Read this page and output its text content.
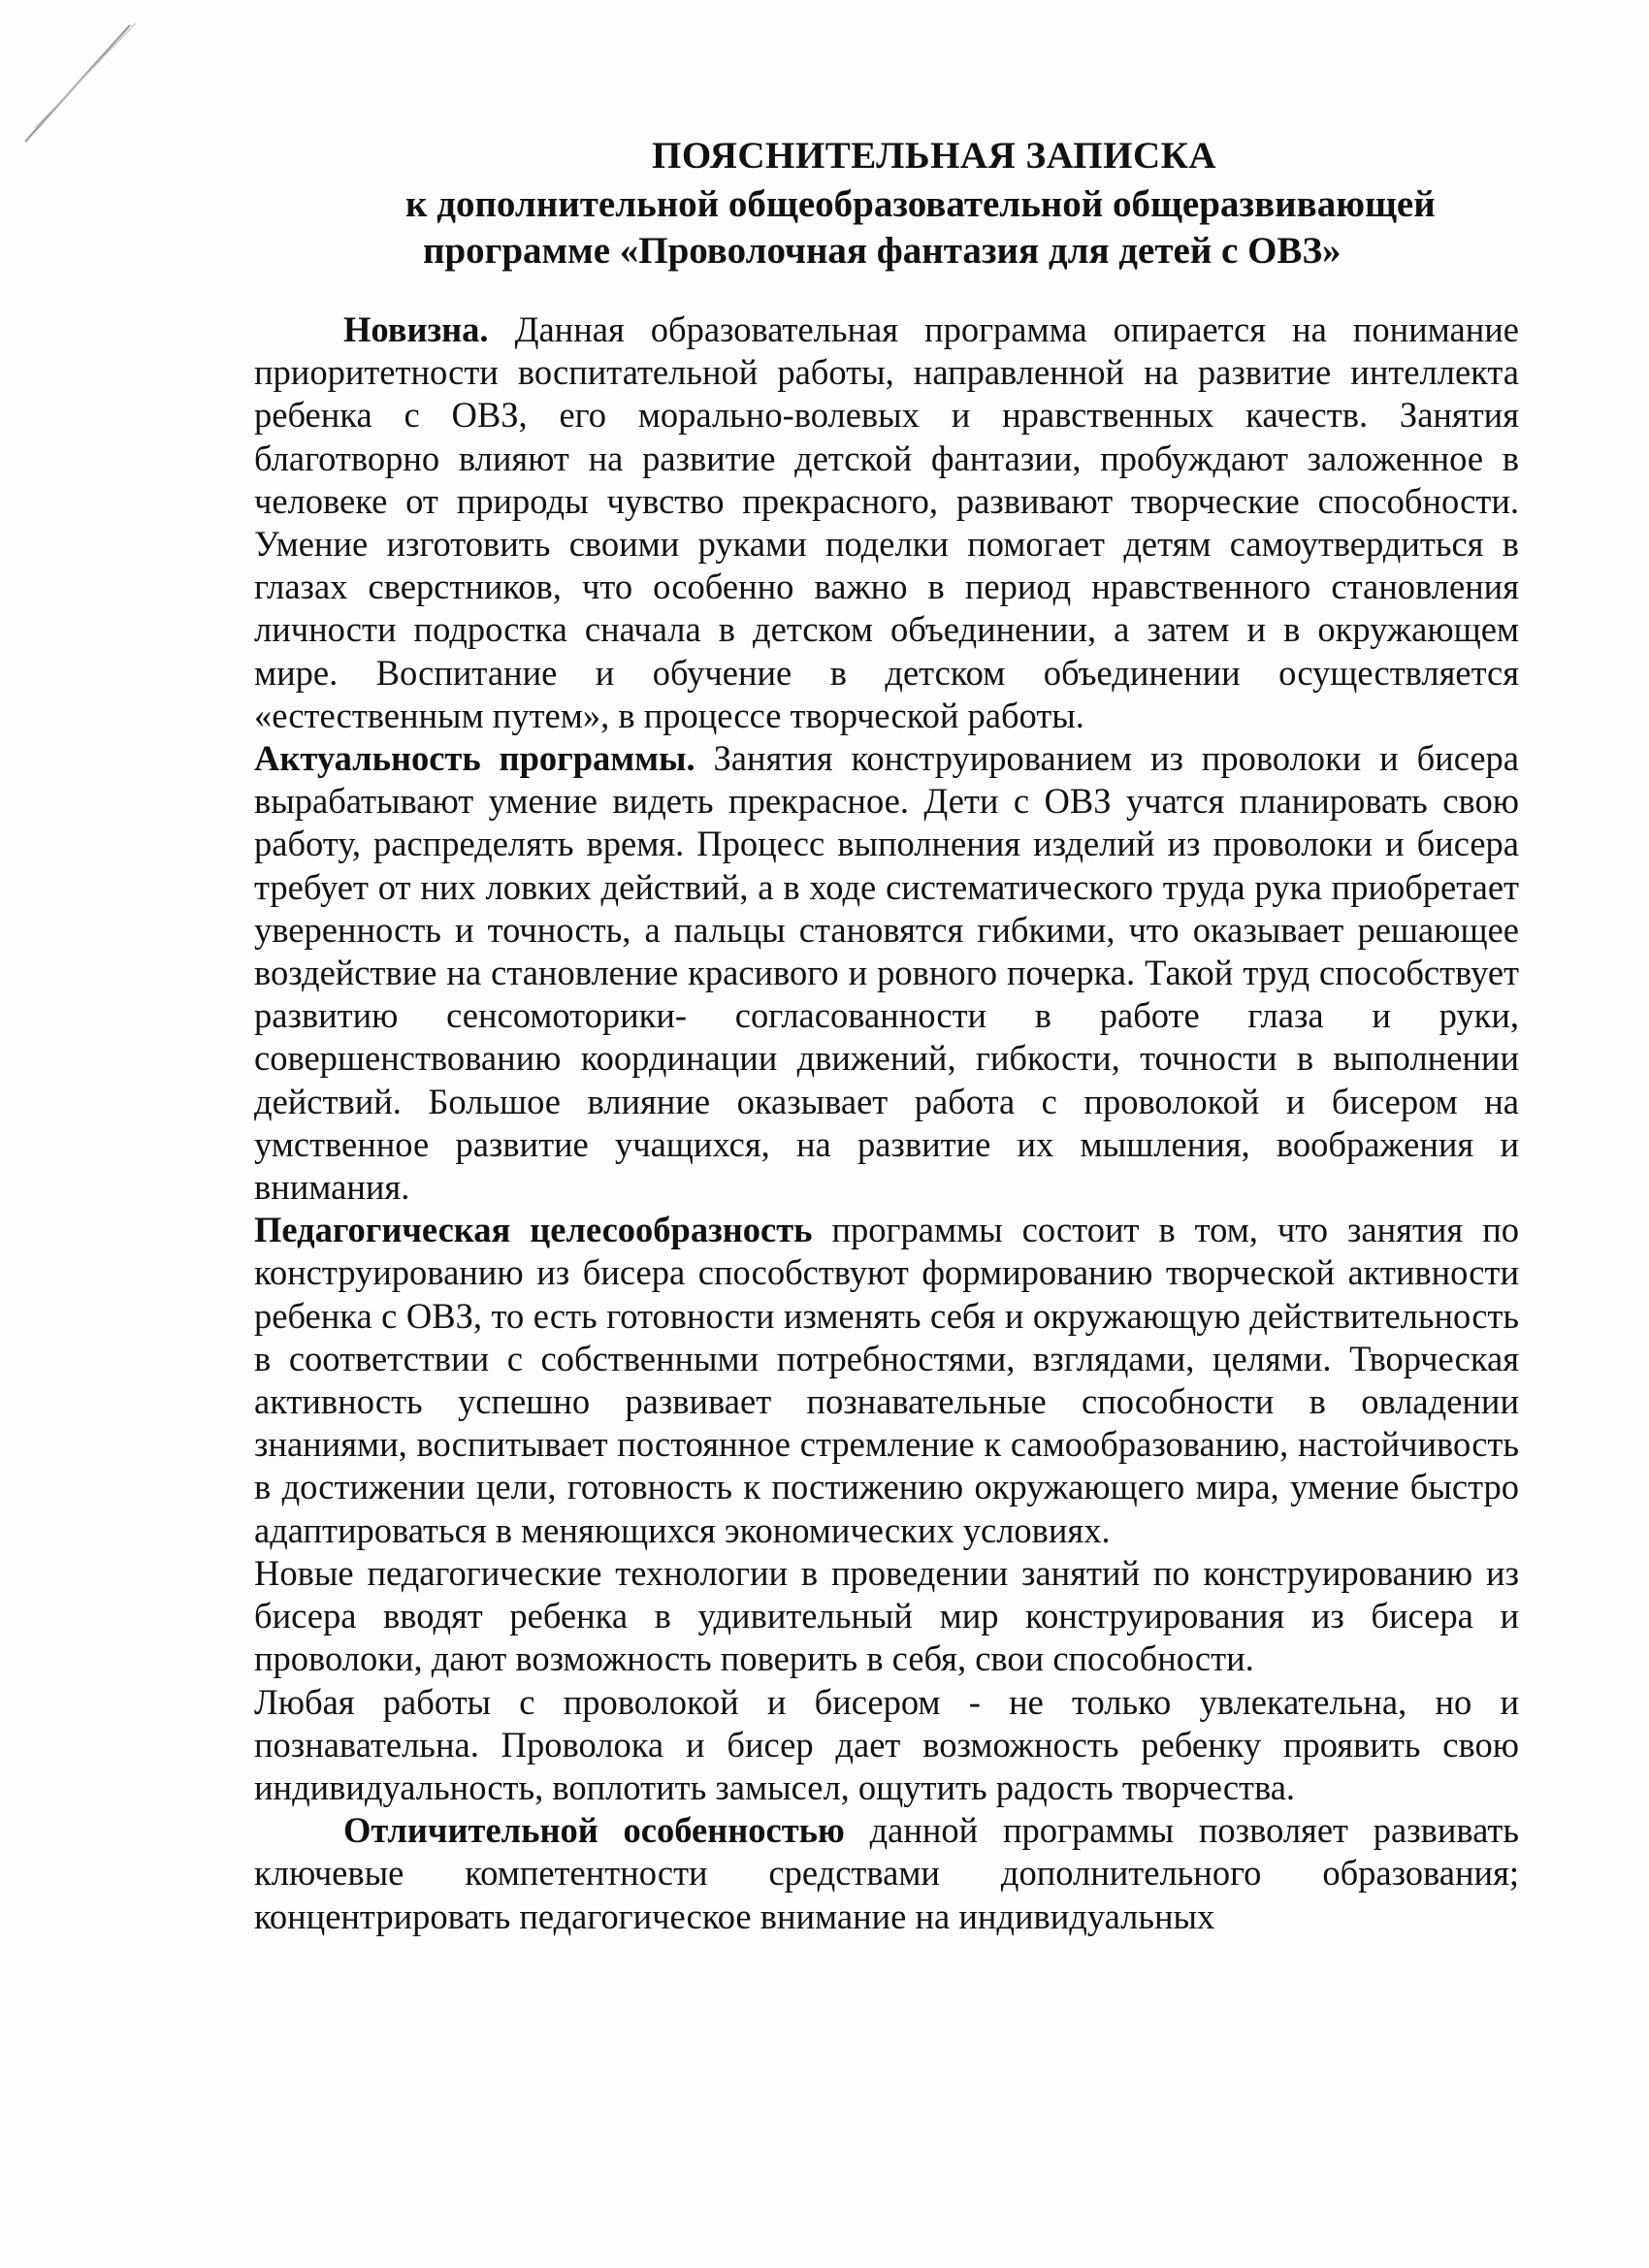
ПОЯСНИТЕЛЬНАЯ ЗАПИСКА
к дополнительной общеобразовательной общеразвивающей
программе «Проволочная фантазия для детей с ОВЗ»

Новизна. Данная образовательная программа опирается на понимание приоритетности воспитательной работы, направленной на развитие интеллекта ребенка с ОВЗ, его морально-волевых и нравственных качеств. Занятия благотворно влияют на развитие детской фантазии, пробуждают заложенное в человеке от природы чувство прекрасного, развивают творческие способности. Умение изготовить своими руками поделки помогает детям самоутвердиться в глазах сверстников, что особенно важно в период нравственного становления личности подростка сначала в детском объединении, а затем и в окружающем мире. Воспитание и обучение в детском объединении осуществляется «естественным путем», в процессе творческой работы.

Актуальность программы. Занятия конструированием из проволоки и бисера вырабатывают умение видеть прекрасное. Дети с ОВЗ учатся планировать свою работу, распределять время. Процесс выполнения изделий из проволоки и бисера требует от них ловких действий, а в ходе систематического труда рука приобретает уверенность и точность, а пальцы становятся гибкими, что оказывает решающее воздействие на становление красивого и ровного почерка. Такой труд способствует развитию сенсомоторики- согласованности в работе глаза и руки, совершенствованию координации движений, гибкости, точности в выполнении действий. Большое влияние оказывает работа с проволокой и бисером на умственное развитие учащихся, на развитие их мышления, воображения и внимания.

Педагогическая целесообразность программы состоит в том, что занятия по конструированию из бисера способствуют формированию творческой активности ребенка с ОВЗ, то есть готовности изменять себя и окружающую действительность в соответствии с собственными потребностями, взглядами, целями. Творческая активность успешно развивает познавательные способности в овладении знаниями, воспитывает постоянное стремление к самообразованию, настойчивость в достижении цели, готовность к постижению окружающего мира, умение быстро адаптироваться в меняющихся экономических условиях.

Новые педагогические технологии в проведении занятий по конструированию из бисера вводят ребенка в удивительный мир конструирования из бисера и проволоки, дают возможность поверить в себя, свои способности.

Любая работы с проволокой и бисером - не только увлекательна, но и познавательна. Проволока и бисер дает возможность ребенку проявить свою индивидуальность, воплотить замысел, ощутить радость творчества.

Отличительной особенностью данной программы позволяет развивать ключевые компетентности средствами дополнительного образования; концентрировать педагогическое внимание на индивидуальных
